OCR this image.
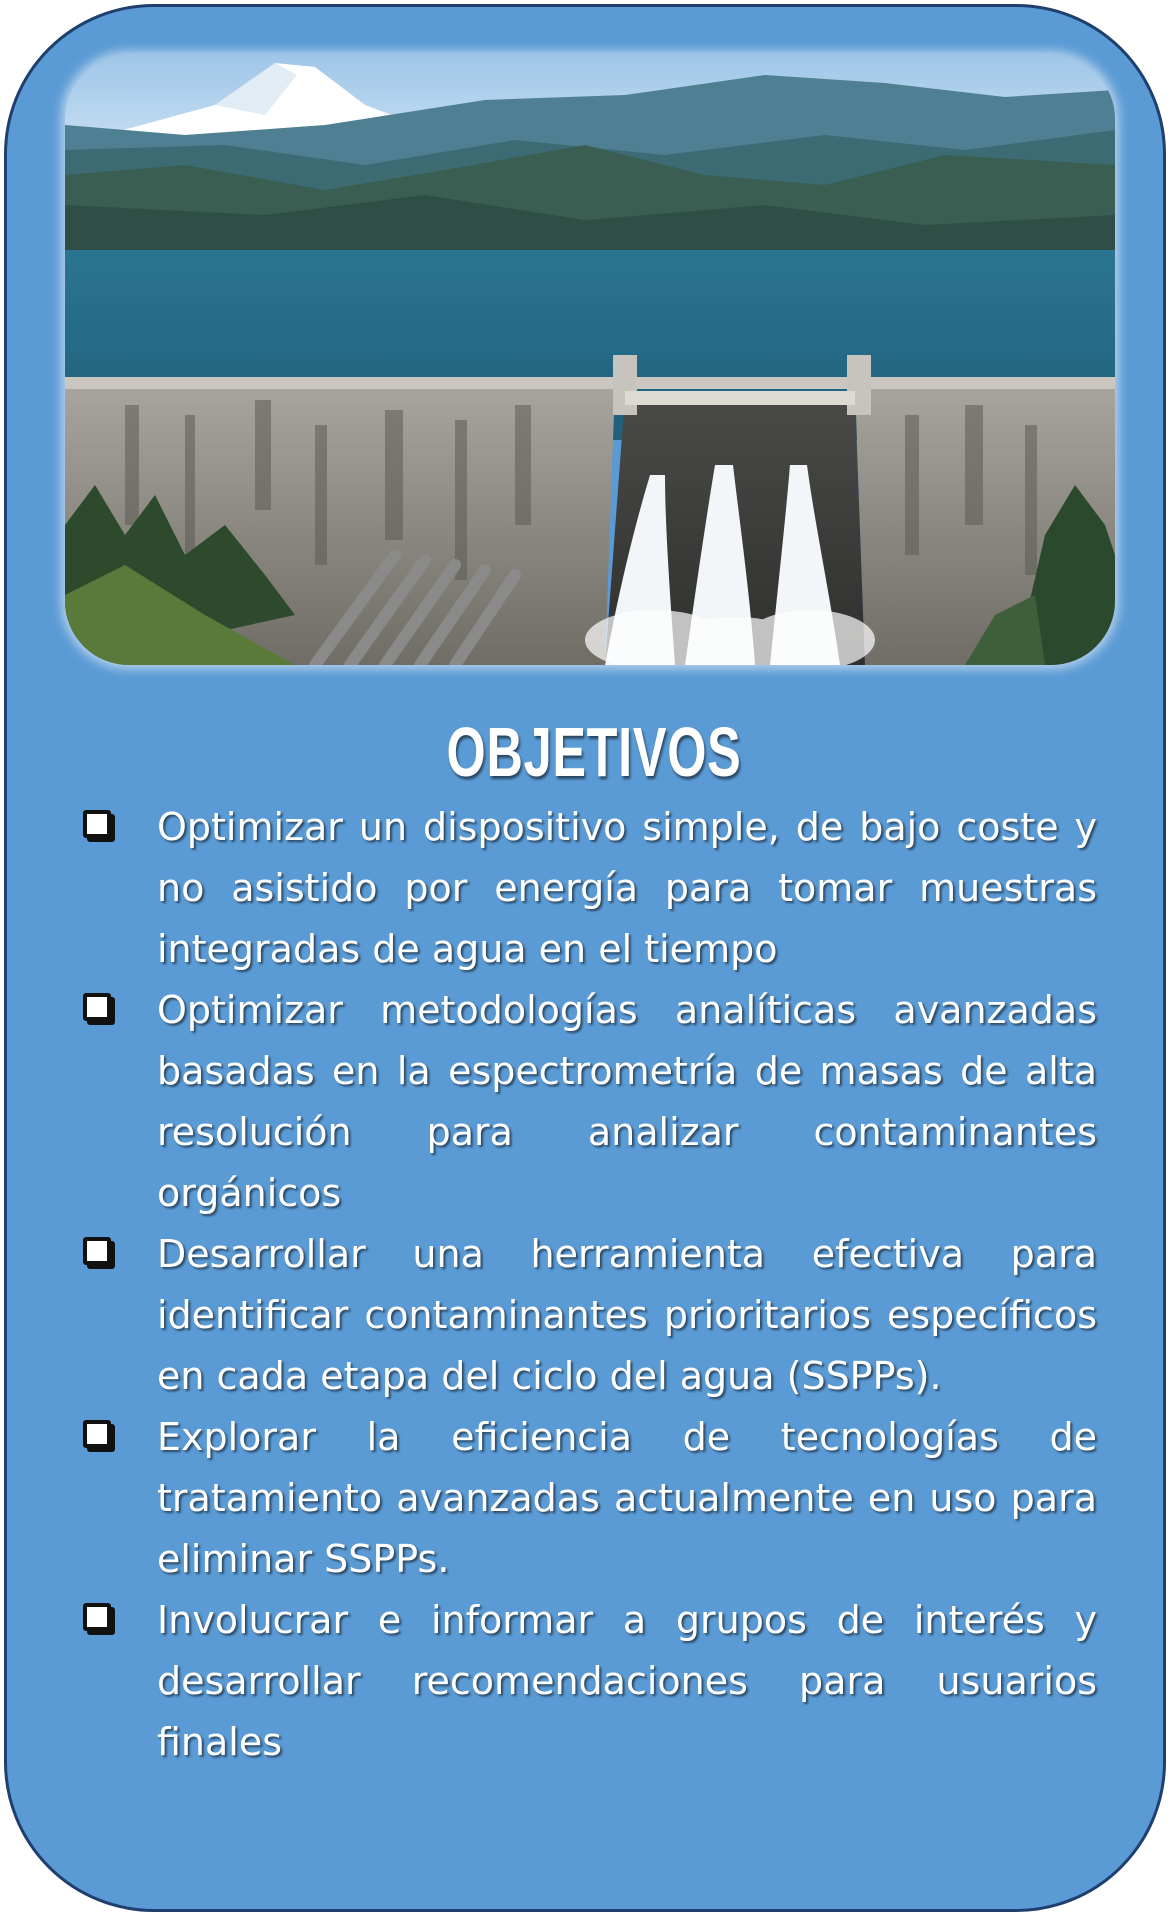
OBJETIVOS
Optimizar un dispositivo simple, de bajo coste y no asistido por energía para tomar muestras integradas de agua en el tiempo
Optimizar metodologías analíticas avanzadas basadas en la espectrometría de masas de alta resolución para analizar contaminantes orgánicos
Desarrollar una herramienta efectiva para identificar contaminantes prioritarios específicos en cada etapa del ciclo del agua (SSPPs).
Explorar la eficiencia de tecnologías de tratamiento avanzadas actualmente en uso para eliminar SSPPs.
Involucrar e informar a grupos de interés y desarrollar recomendaciones para usuarios finales
